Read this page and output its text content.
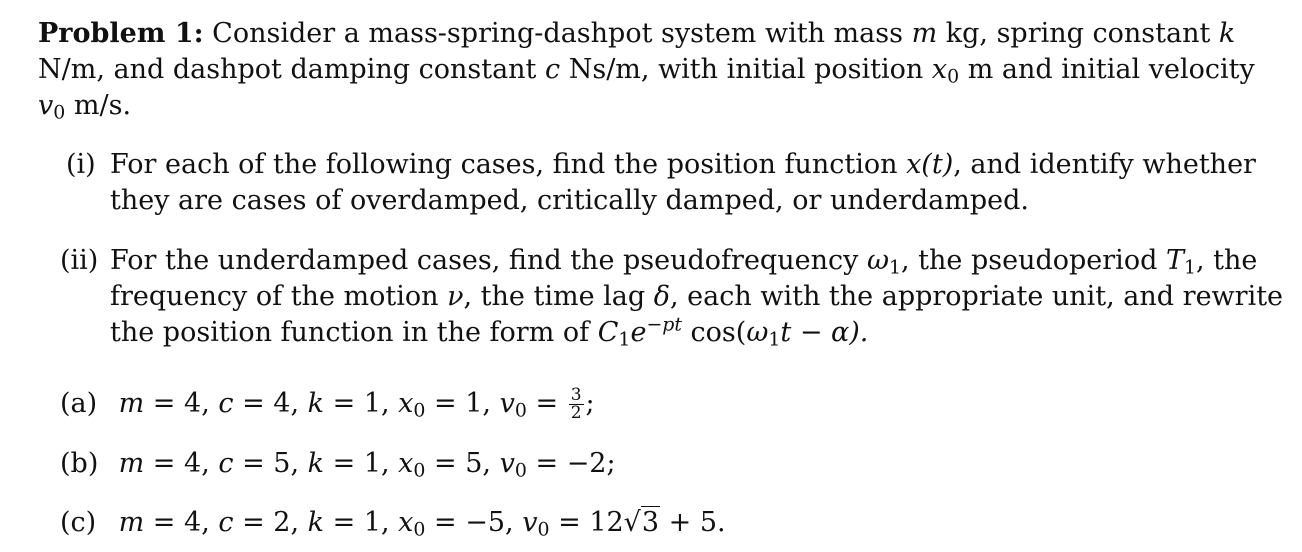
Problem 1: Consider a mass-spring-dashpot system with mass m kg, spring constant k
N/m, and dashpot damping constant c Ns/m, with initial position $x_0$ m and initial velocity
$v_0$ m/s.
(i) For each of the following cases, find the position function x(t), and identify whether
they are cases of overdamped, critically damped, or underdamped.
(ii) For the underdamped cases, find the pseudofrequency $\omega_1$, the pseudoperiod $T_1$, the
frequency of the motion ν, the time lag δ, each with the appropriate unit, and rewrite
the position function in the form of $C_1e^{-pt}$ $\cos(\omega_1t - \alpha)$.
(a) m = 4, c = 4, k = 1, $x_0 = 1$, $v_0 = \frac{3}{2}$ ;
(b) m = 4, c = 5, k = 1, $x_0 = 5$, $v_0 = -2$;
(c) m = 4, c = 2, k = 1, $x_0 = -5$, $v_0 = 12√3 + 5$.
